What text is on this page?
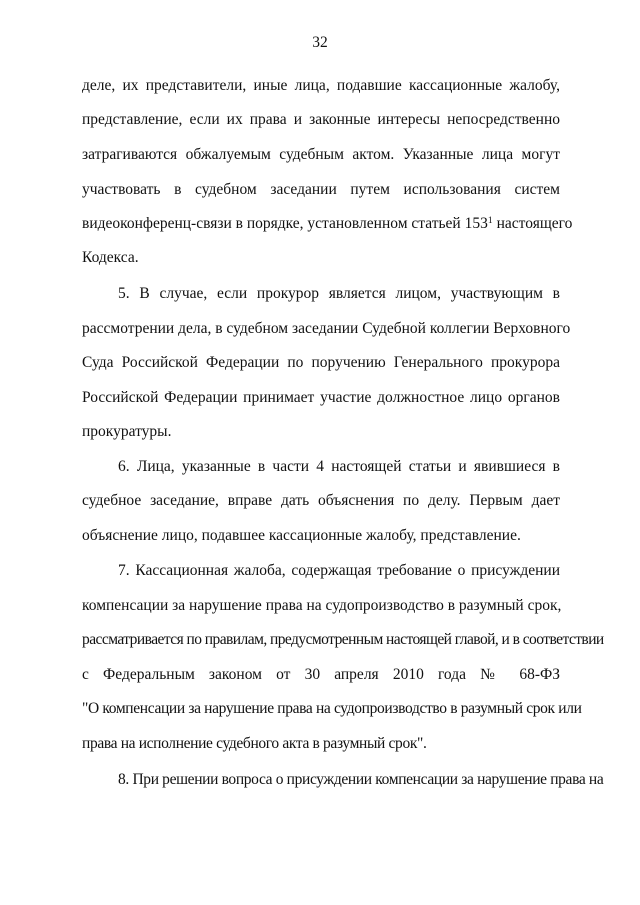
32
деле, их представители, иные лица, подавшие кассационные жалобу,
представление, если их права и законные интересы непосредственно
затрагиваются обжалуемым судебным актом. Указанные лица могут
участвовать в судебном заседании путем использования систем
видеоконференц-связи в порядке, установленном статьей $153^1$ настоящего
Кодекса.
5. В случае, если прокурор является лицом, участвующим в
рассмотрении дела, в судебном заседании Судебной коллегии Верховного
Суда Российской Федерации по поручению Генерального прокурора
Российской Федерации принимает участие должностное лицо органов
прокуратуры.
6. Лица, указанные в части 4 настоящей статьи и явившиеся в
судебное заседание, вправе дать объяснения по делу. Первым дает
объяснение лицо, подавшее кассационные жалобу, представление.
7. Кассационная жалоба, содержащая требование о присуждении
компенсации за нарушение права на судопроизводство в разумный срок,
рассматривается по правилам, предусмотренным настоящей главой, и в соответствии
с Федеральным законом от 30 апреля 2010 года № 68-ФЗ
"О компенсации за нарушение права на судопроизводство в разумный срок или
права на исполнение судебного акта в разумный срок".
8. При решении вопроса о присуждении компенсации за нарушение права на
